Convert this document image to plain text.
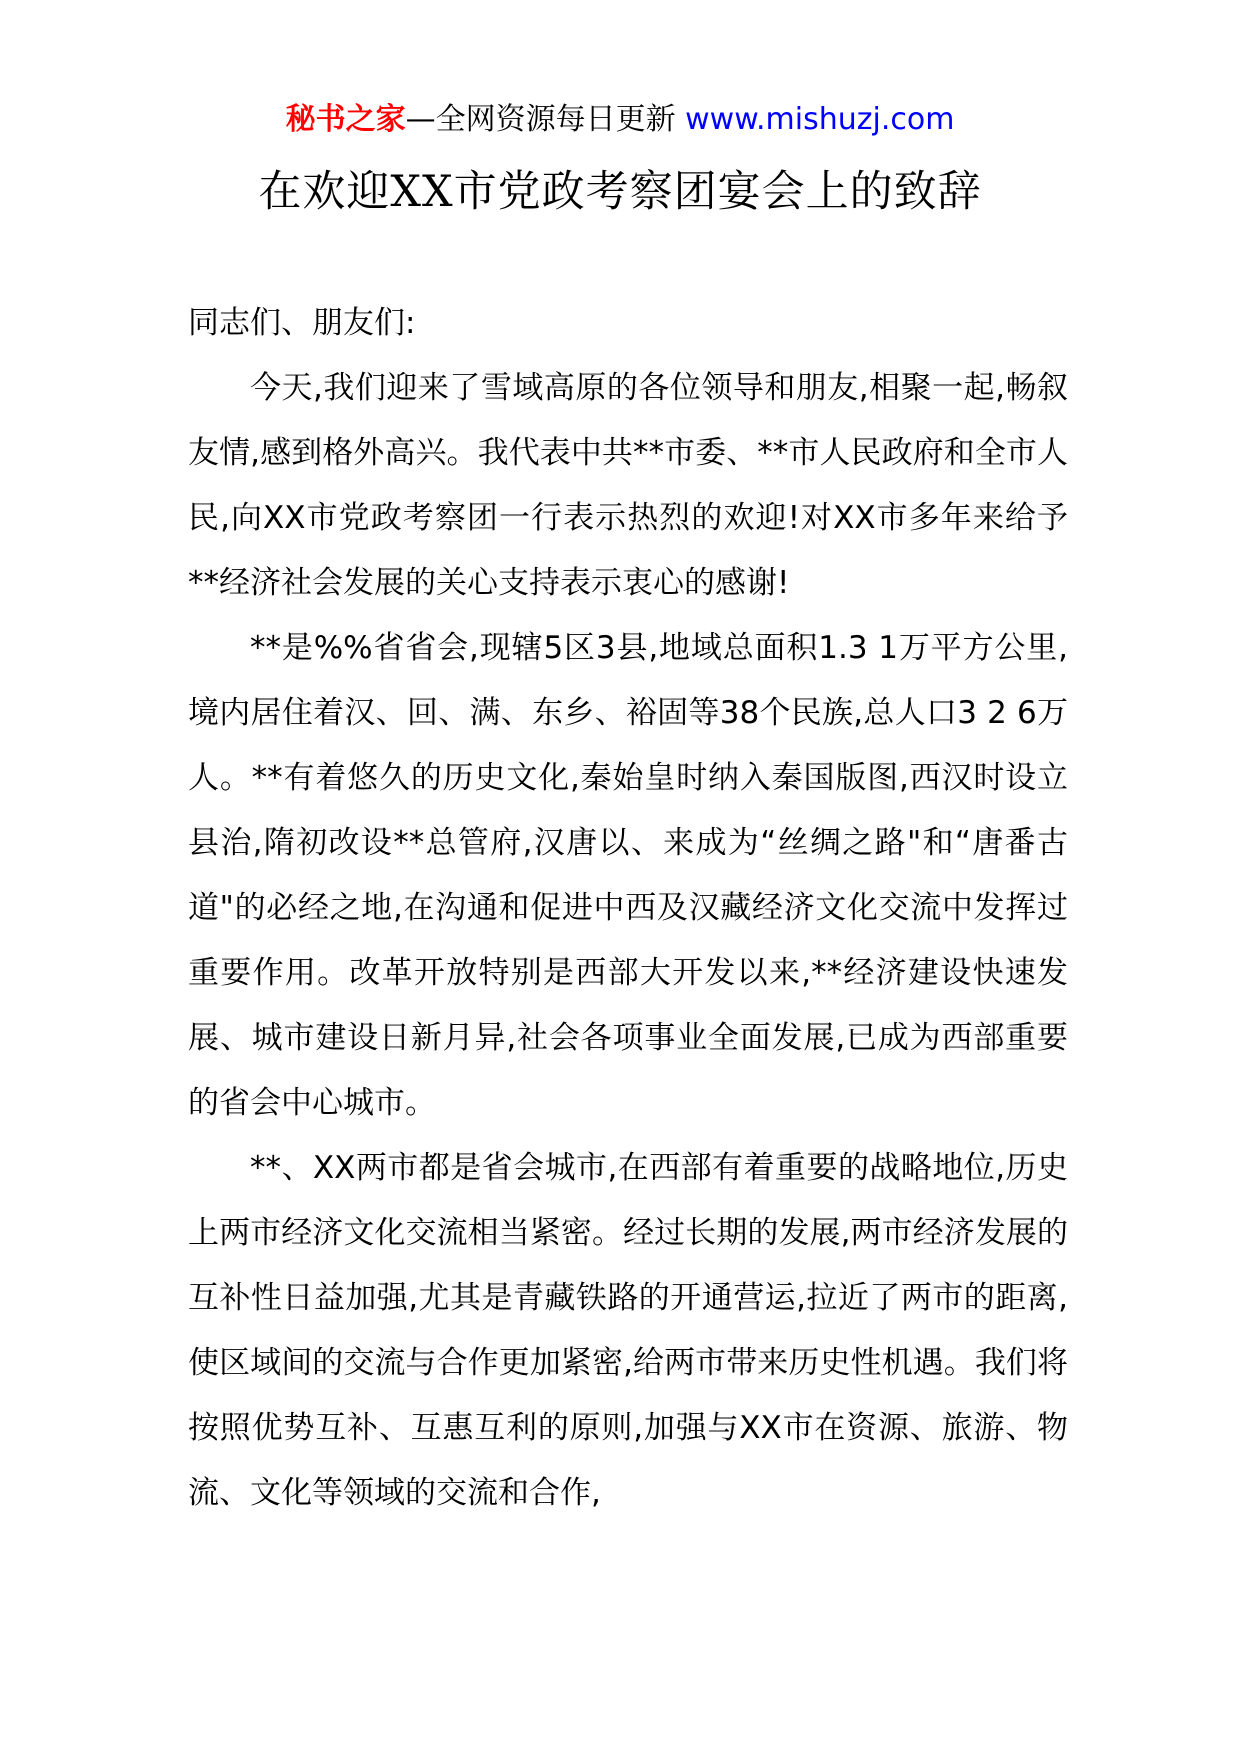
秘书之家—全网资源每日更新 www.mishuzj.com
在欢迎XX市党政考察团宴会上的致辞

同志们、朋友们:

今天,我们迎来了雪域高原的各位领导和朋友,相聚一起,畅叙友情,感到格外高兴。我代表中共**市委、**市人民政府和全市人民,向XX市党政考察团一行表示热烈的欢迎!对XX市多年来给予**经济社会发展的关心支持表示衷心的感谢!

**是%%省省会,现辖5区3县,地域总面积1.3 1万平方公里,境内居住着汉、回、满、东乡、裕固等38个民族,总人口3 2 6万人。**有着悠久的历史文化,秦始皇时纳入秦国版图,西汉时设立县治,隋初改设**总管府,汉唐以、来成为“丝绸之路"和“唐番古道"的必经之地,在沟通和促进中西及汉藏经济文化交流中发挥过重要作用。改革开放特别是西部大开发以来,**经济建设快速发展、城市建设日新月异,社会各项事业全面发展,已成为西部重要的省会中心城市。

**、XX两市都是省会城市,在西部有着重要的战略地位,历史上两市经济文化交流相当紧密。经过长期的发展,两市经济发展的互补性日益加强,尤其是青藏铁路的开通营运,拉近了两市的距离,使区域间的交流与合作更加紧密,给两市带来历史性机遇。我们将按照优势互补、互惠互利的原则,加强与XX市在资源、旅游、物流、文化等领域的交流和合作,
